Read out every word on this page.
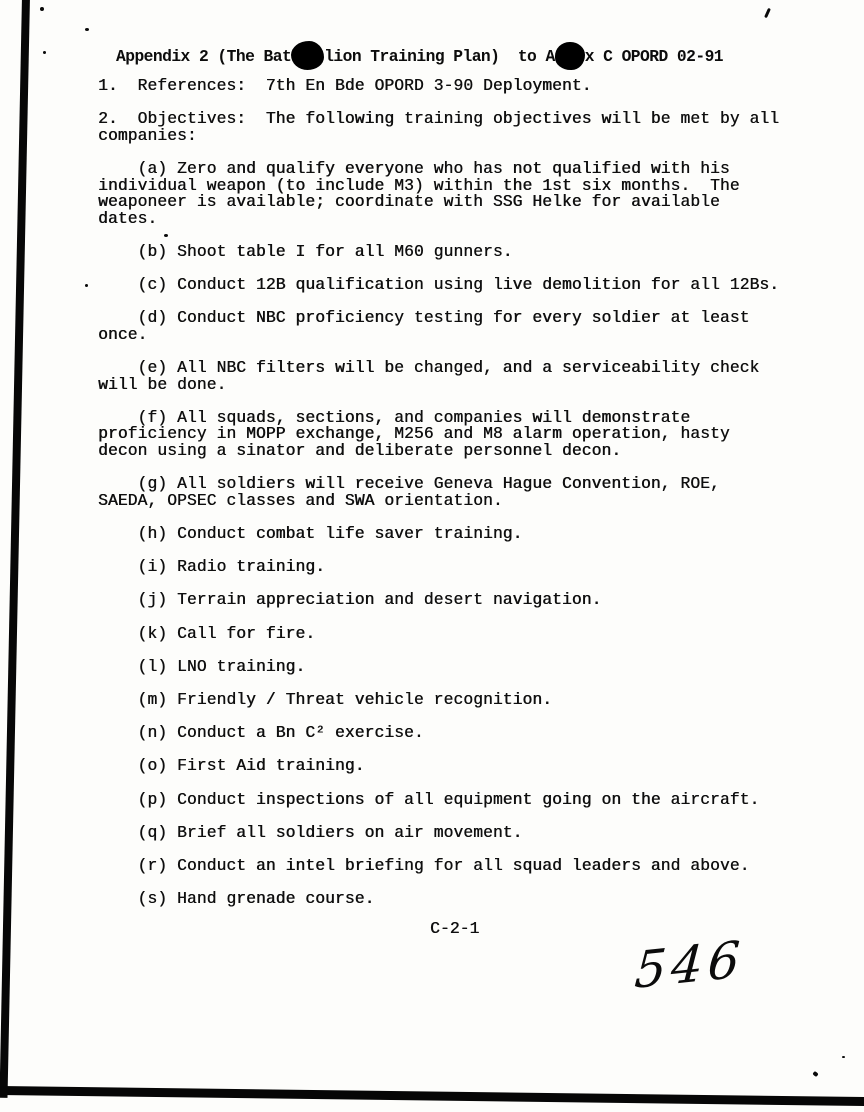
Appendix 2 (The Bat lion Training Plan)  to A x C OPORD 02-91
1.  References:  7th En Bde OPORD 3-90 Deployment.
2.  Objectives:  The following training objectives will be met by all
companies:
(a) Zero and qualify everyone who has not qualified with his
individual weapon (to include M3) within the 1st six months.  The
weaponeer is available; coordinate with SSG Helke for available
dates.
(b) Shoot table I for all M60 gunners.
(c) Conduct 12B qualification using live demolition for all 12Bs.
(d) Conduct NBC proficiency testing for every soldier at least
once.
(e) All NBC filters will be changed, and a serviceability check
will be done.
(f) All squads, sections, and companies will demonstrate
proficiency in MOPP exchange, M256 and M8 alarm operation, hasty
decon using a sinator and deliberate personnel decon.
(g) All soldiers will receive Geneva Hague Convention, ROE,
SAEDA, OPSEC classes and SWA orientation.
(h) Conduct combat life saver training.
(i) Radio training.
(j) Terrain appreciation and desert navigation.
(k) Call for fire.
(l) LNO training.
(m) Friendly / Threat vehicle recognition.
(n) Conduct a Bn C² exercise.
(o) First Aid training.
(p) Conduct inspections of all equipment going on the aircraft.
(q) Brief all soldiers on air movement.
(r) Conduct an intel briefing for all squad leaders and above.
(s) Hand grenade course.
C-2-1
546
